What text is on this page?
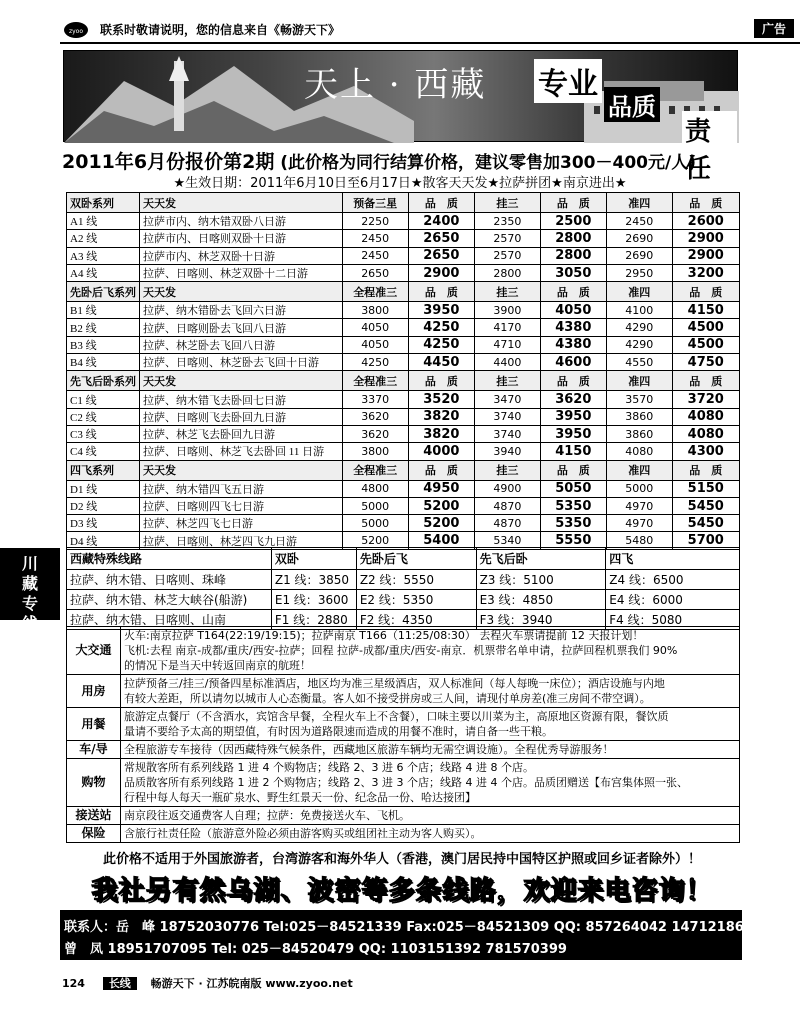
zyoo 联系时敬请说明，您的信息来自《畅游天下》	广告
天上 · 西藏 专业
品质
责任
2011年6月份报价第2期 (此价格为同行结算价格，建议零售加300－400元/人)
★生效日期：2011年6月10日至6月17日★散客天天发★拉萨拼团★南京进出★
双卧系列	天天发	预备三星	品　质	挂三	品　质	准四	品　质
A1 线	拉萨市内、纳木错双卧八日游	2250	2400	2350	2500	2450	2600
A2 线	拉萨市内、日喀则双卧十日游	2450	2650	2570	2800	2690	2900
A3 线	拉萨市内、林芝双卧十日游	2450	2650	2570	2800	2690	2900
A4 线	拉萨、日喀则、林芝双卧十二日游	2650	2900	2800	3050	2950	3200
先卧后飞系列	天天发	全程准三	品　质	挂三	品　质	准四	品　质
B1 线	拉萨、纳木错卧去飞回六日游	3800	3950	3900	4050	4100	4150
B2 线	拉萨、日喀则卧去飞回八日游	4050	4250	4170	4380	4290	4500
B3 线	拉萨、林芝卧去飞回八日游	4050	4250	4710	4380	4290	4500
B4 线	拉萨、日喀则、林芝卧去飞回十日游	4250	4450	4400	4600	4550	4750
先飞后卧系列	天天发	全程准三	品　质	挂三	品　质	准四	品　质
C1 线	拉萨、纳木错飞去卧回七日游	3370	3520	3470	3620	3570	3720
C2 线	拉萨、日喀则飞去卧回九日游	3620	3820	3740	3950	3860	4080
C3 线	拉萨、林芝飞去卧回九日游	3620	3820	3740	3950	3860	4080
C4 线	拉萨、日喀则、林芝飞去卧回 11 日游	3800	4000	3940	4150	4080	4300
四飞系列	天天发	全程准三	品　质	挂三	品　质	准四	品　质
D1 线	拉萨、纳木错四飞五日游	4800	4950	4900	5050	5000	5150
D2 线	拉萨、日喀则四飞七日游	5000	5200	4870	5350	4970	5450
D3 线	拉萨、林芝四飞七日游	5000	5200	4870	5350	4970	5450
D4 线	拉萨、日喀则、林芝四飞九日游	5200	5400	5340	5550	5480	5700
西藏特殊线路	双卧	先卧后飞	先飞后卧	四飞
拉萨、纳木错、日喀则、珠峰	Z1 线：3850	Z2 线：5550	Z3 线：5100	Z4 线：6500
拉萨、纳木错、林芝大峡谷(船游)	E1 线：3600	E2 线：5350	E3 线：4850	E4 线：6000
拉萨、纳木错、日喀则、山南	F1 线：2880	F2 线：4350	F3 线：3940	F4 线：5080
大交通	火车:南京拉萨 T164(22:19/19:15)；拉萨南京 T166（11:25/08:30） 去程火车票请提前 12 天报计划！
飞机:去程 南京-成都/重庆/西安-拉萨；回程 拉萨-成都/重庆/西安-南京．机票带名单申请，拉萨回程机票我们 90%
的情况下是当天中转返回南京的航班！

用房	拉萨预备三/挂三/预备四星标准酒店，地区均为准三星级酒店，双人标准间（每人每晚一床位）；酒店设施与内地
有较大差距，所以请勿以城市人心态衡量。客人如不接受拼房或三人间，请现付单房差(准三房间不带空调）。

用餐	旅游定点餐厅（不含酒水，宾馆含早餐，全程火车上不含餐），口味主要以川菜为主，高原地区资源有限，餐饮质
量请不要给予太高的期望值，有时因为道路限速而造成的用餐不准时，请自备一些干粮。

车/导	全程旅游专车接待（因西藏特殊气候条件，西藏地区旅游车辆均无需空调设施）。全程优秀导游服务！

购物	常规散客所有系列线路 1 进 4 个购物店；线路 2、3 进 6 个店；线路 4 进 8 个店。
品质散客所有系列线路 1 进 2 个购物店；线路 2、3 进 3 个店；线路 4 进 4 个店。品质团赠送【布宫集体照一张、
行程中每人每天一瓶矿泉水、野生红景天一份、纪念品一份、哈达接团】

接送站	南京段往返交通费客人自理；拉萨：免费接送火车、飞机。

保险	含旅行社责任险（旅游意外险必须由游客购买或组团社主动为客人购买）。
此价格不适用于外国旅游者，台湾游客和海外华人（香港，澳门居民持中国特区护照或回乡证者除外）！
我社另有然乌湖、波密等多条线路，欢迎来电咨询！
联系人：岳　峰 18752030776 Tel:025－84521339 Fax:025－84521309 QQ: 857264042 1471218669
曾　凤 18951707095 Tel: 025－84520479 QQ: 1103151392 781570399
川
藏
专
线
124 长线 畅游天下 · 江苏皖南版 www.zyoo.net
